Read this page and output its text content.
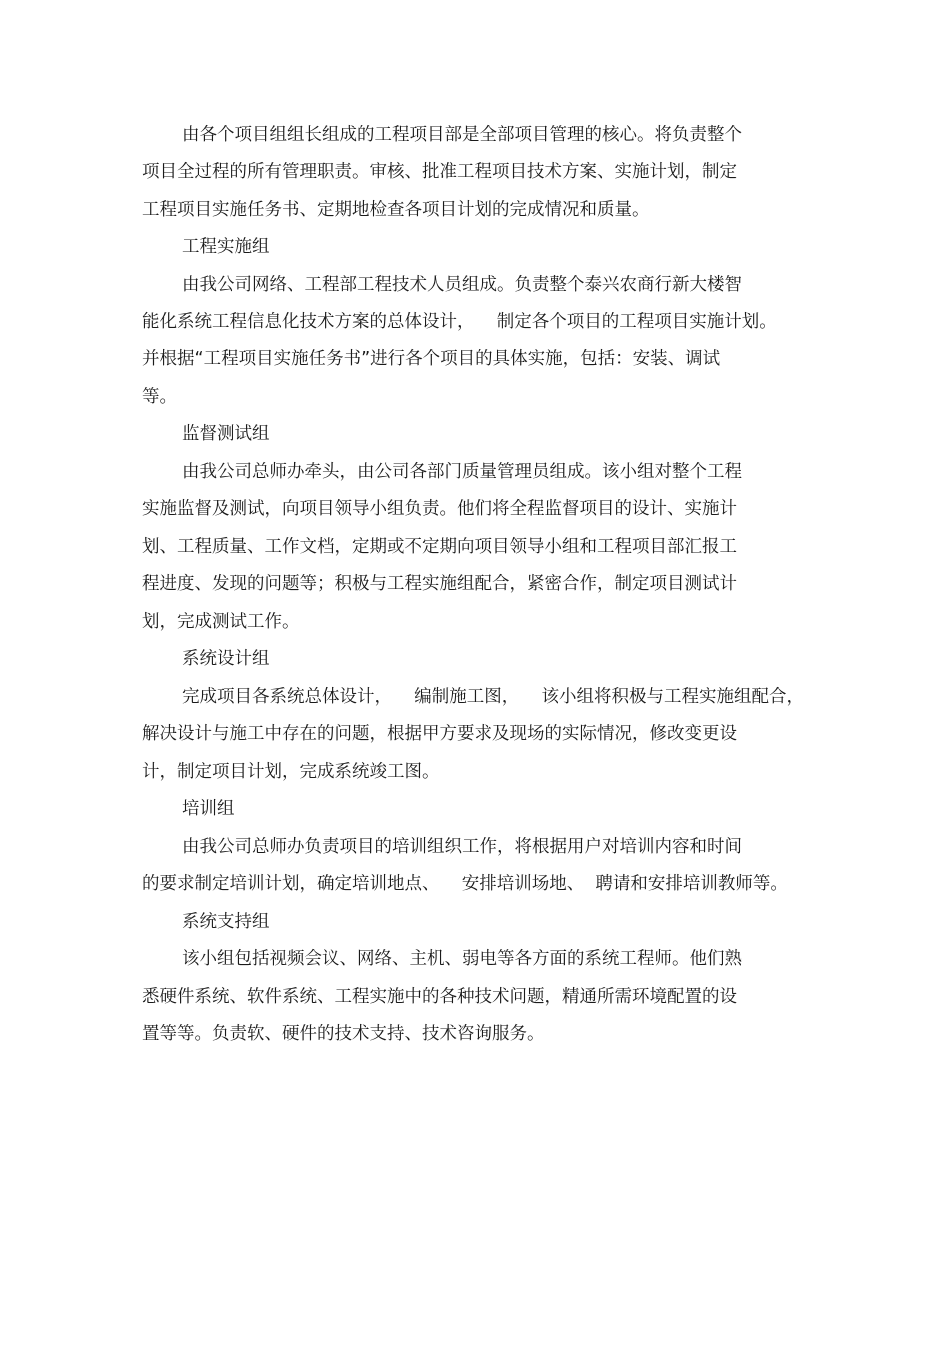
由各个项目组组长组成的工程项目部是全部项目管理的核心。将负责整个
项目全过程的所有管理职责。审核、批准工程项目技术方案、实施计划，制定
工程项目实施任务书、定期地检查各项目计划的完成情况和质量。
工程实施组
由我公司网络、工程部工程技术人员组成。负责整个泰兴农商行新大楼智
能化系统工程信息化技术方案的总体设计，    制定各个项目的工程项目实施计划。
并根据“工程项目实施任务书”进行各个项目的具体实施，包括：安装、调试
等。
监督测试组
由我公司总师办牵头，由公司各部门质量管理员组成。该小组对整个工程
实施监督及测试，向项目领导小组负责。他们将全程监督项目的设计、实施计
划、工程质量、工作文档，定期或不定期向项目领导小组和工程项目部汇报工
程进度、发现的问题等；积极与工程实施组配合，紧密合作，制定项目测试计
划，完成测试工作。
系统设计组
完成项目各系统总体设计，    编制施工图，    该小组将积极与工程实施组配合，
解决设计与施工中存在的问题，根据甲方要求及现场的实际情况，修改变更设
计，制定项目计划，完成系统竣工图。
培训组
由我公司总师办负责项目的培训组织工作，将根据用户对培训内容和时间
的要求制定培训计划，确定培训地点、    安排培训场地、  聘请和安排培训教师等。
系统支持组
该小组包括视频会议、网络、主机、弱电等各方面的系统工程师。他们熟
悉硬件系统、软件系统、工程实施中的各种技术问题，精通所需环境配置的设
置等等。负责软、硬件的技术支持、技术咨询服务。
